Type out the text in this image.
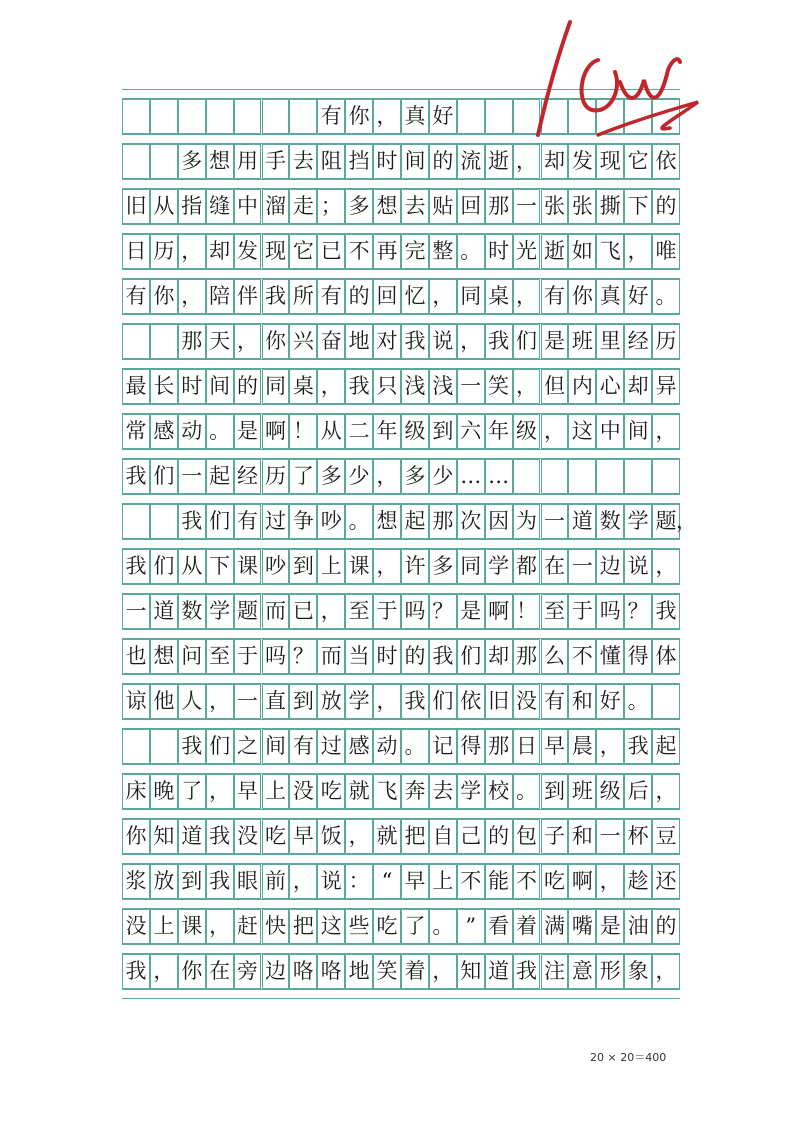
有 你 ， 真 好
多 想 用 手 去 阻 挡 时 间 的 流 逝 ， 却 发 现 它 依
旧 从 指 缝 中 溜 走 ； 多 想 去 贴 回 那 一 张 张 撕 下 的
日 历 ， 却 发 现 它 已 不 再 完 整 。 时 光 逝 如 飞 ， 唯
有 你 ， 陪 伴 我 所 有 的 回 忆 ， 同 桌 ， 有 你 真 好 。
那 天 ， 你 兴 奋 地 对 我 说 ， 我 们 是 班 里 经 历
最 长 时 间 的 同 桌 ， 我 只 浅 浅 一 笑 ， 但 内 心 却 异
常 感 动 。 是 啊 ！ 从 二 年 级 到 六 年 级 ， 这 中 间 ，
我 们 一 起 经 历 了 多 少 ， 多 少 … …
我 们 有 过 争 吵 。 想 起 那 次 因 为 一 道 数 学 题 ，
我 们 从 下 课 吵 到 上 课 ， 许 多 同 学 都 在 一 边 说 ，
一 道 数 学 题 而 已 ， 至 于 吗 ？ 是 啊 ！ 至 于 吗 ？ 我
也 想 问 至 于 吗 ？ 而 当 时 的 我 们 却 那 么 不 懂 得 体
谅 他 人 ， 一 直 到 放 学 ， 我 们 依 旧 没 有 和 好 。
我 们 之 间 有 过 感 动 。 记 得 那 日 早 晨 ， 我 起
床 晚 了 ， 早 上 没 吃 就 飞 奔 去 学 校 。 到 班 级 后 ，
你 知 道 我 没 吃 早 饭 ， 就 把 自 己 的 包 子 和 一 杯 豆
浆 放 到 我 眼 前 ， 说 ： “ 早 上 不 能 不 吃 啊 ， 趁 还
没 上 课 ， 赶 快 把 这 些 吃 了 。 ” 看 着 满 嘴 是 油 的
我 ， 你 在 旁 边 咯 咯 地 笑 着 ， 知 道 我 注 意 形 象 ，
20 × 20＝400
